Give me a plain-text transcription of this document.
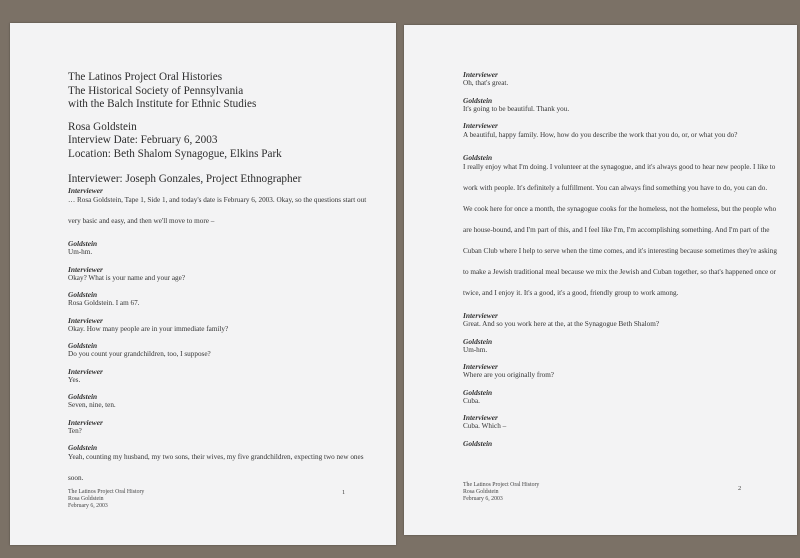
The Latinos Project Oral Histories
The Historical Society of Pennsylvania
with the Balch Institute for Ethnic Studies
Rosa Goldstein
Interview Date: February 6, 2003
Location: Beth Shalom Synagogue, Elkins Park
Interviewer: Joseph Gonzales, Project Ethnographer
Interviewer
… Rosa Goldstein, Tape 1, Side 1, and today's date is February 6, 2003. Okay, so the questions start out very basic and easy, and then we'll move to more –
Goldstein
Um-hm.
Interviewer
Okay? What is your name and your age?
Goldstein
Rosa Goldstein. I am 67.
Interviewer
Okay. How many people are in your immediate family?
Goldstein
Do you count your grandchildren, too, I suppose?
Interviewer
Yes.
Goldstein
Seven, nine, ten.
Interviewer
Ten?
Goldstein
Yeah, counting my husband, my two sons, their wives, my five grandchildren, expecting two new ones soon.
The Latinos Project Oral History
Rosa Goldstein
February 6, 2003
1
Interviewer
Oh, that's great.
Goldstein
It's going to be beautiful. Thank you.
Interviewer
A beautiful, happy family. How, how do you describe the work that you do, or, or what you do?
Goldstein
I really enjoy what I'm doing. I volunteer at the synagogue, and it's always good to hear new people. I like to work with people. It's definitely a fulfillment. You can always find something you have to do, you can do. We cook here for once a month, the synagogue cooks for the homeless, not the homeless, but the people who are house-bound, and I'm part of this, and I feel like I'm, I'm accomplishing something. And I'm part of the Cuban Club where I help to serve when the time comes, and it's interesting because sometimes they're asking to make a Jewish traditional meal because we mix the Jewish and Cuban together, so that's happened once or twice, and I enjoy it. It's a good, it's a good, friendly group to work among.
Interviewer
Great. And so you work here at the, at the Synagogue Beth Shalom?
Goldstein
Um-hm.
Interviewer
Where are you originally from?
Goldstein
Cuba.
Interviewer
Cuba. Which –
Goldstein
The Latinos Project Oral History
Rosa Goldstein
February 6, 2003
2
